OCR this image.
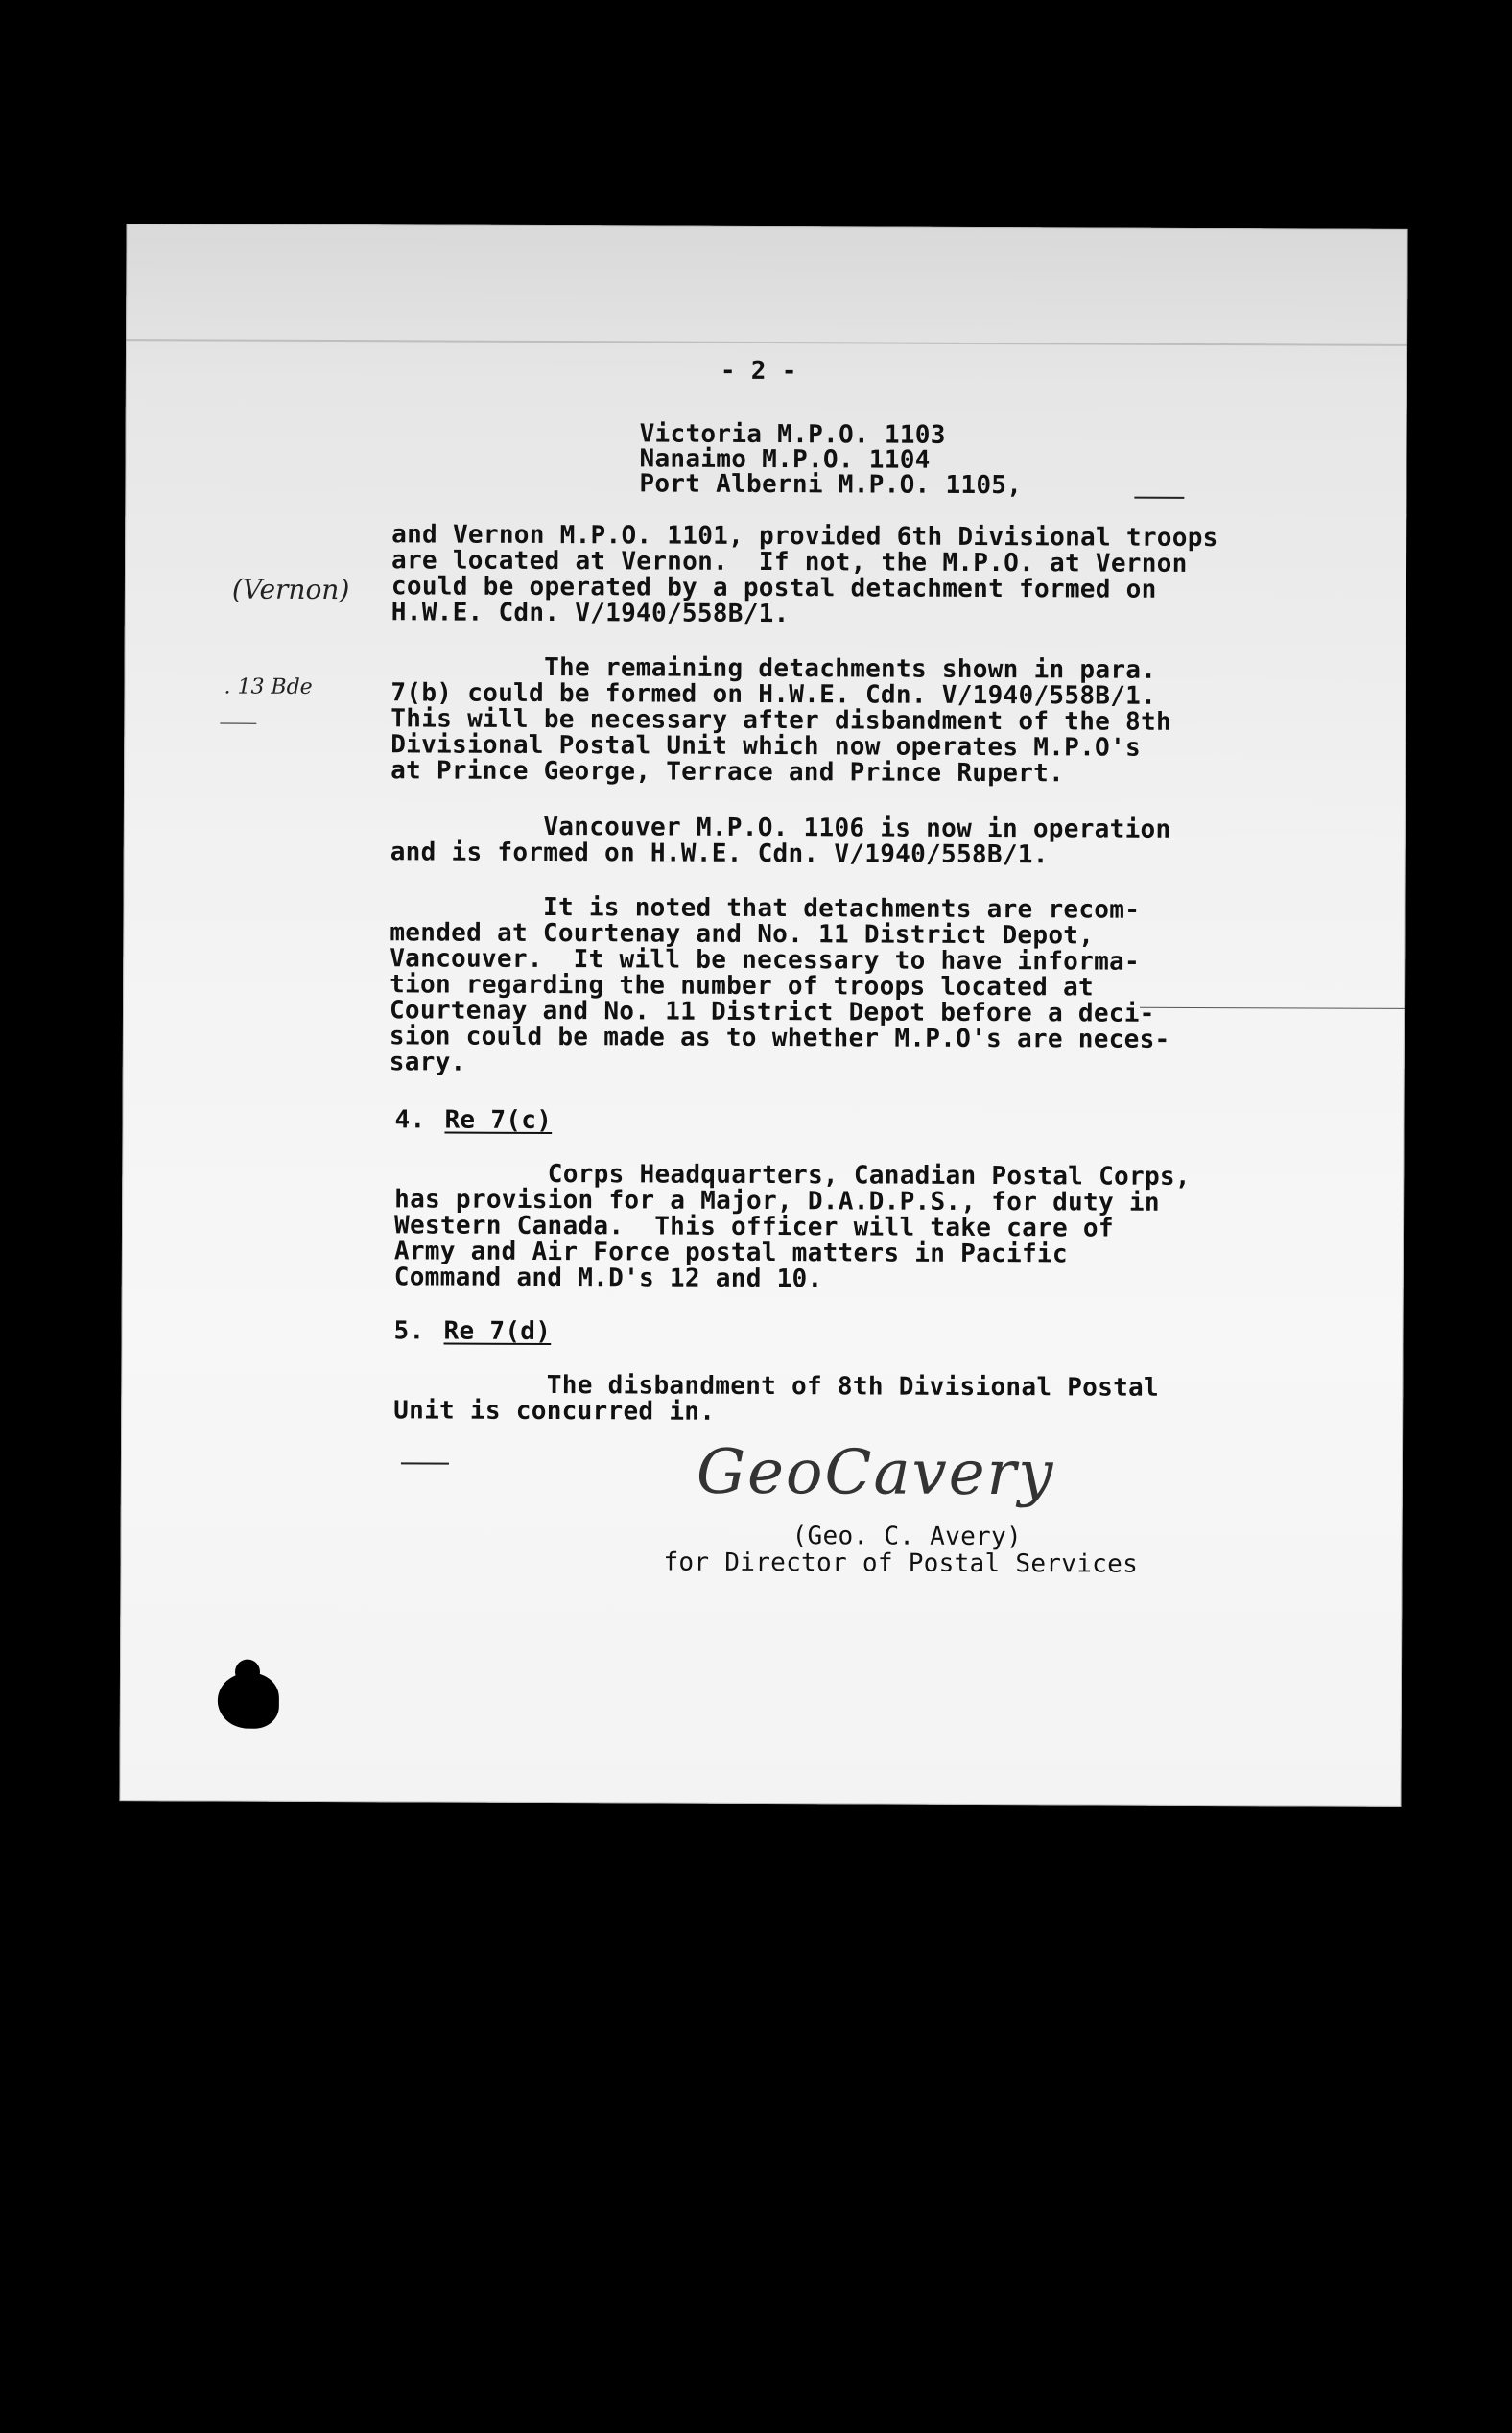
- 2 -
Victoria M.P.O. 1103
Nanaimo M.P.O. 1104
Port Alberni M.P.O. 1105,

(Vernon)

. 13 Bde

and Vernon M.P.O. 1101, provided 6th Divisional troops
are located at Vernon.  If not, the M.P.O. at Vernon
could be operated by a postal detachment formed on
H.W.E. Cdn. V/1940/558B/1.
The remaining detachments shown in para.
7(b) could be formed on H.W.E. Cdn. V/1940/558B/1.
This will be necessary after disbandment of the 8th
Divisional Postal Unit which now operates M.P.O's
at Prince George, Terrace and Prince Rupert.
Vancouver M.P.O. 1106 is now in operation
and is formed on H.W.E. Cdn. V/1940/558B/1.
It is noted that detachments are recom-
mended at Courtenay and No. 11 District Depot,
Vancouver.  It will be necessary to have informa-
tion regarding the number of troops located at
Courtenay and No. 11 District Depot before a deci-
sion could be made as to whether M.P.O's are neces-
sary.
4. Re 7(c)
Corps Headquarters, Canadian Postal Corps,
has provision for a Major, D.A.D.P.S., for duty in
Western Canada.  This officer will take care of
Army and Air Force postal matters in Pacific
Command and M.D's 12 and 10.
5. Re 7(d)
The disbandment of 8th Divisional Postal
Unit is concurred in.
GeoCavery
(Geo. C. Avery)
for Director of Postal Services
